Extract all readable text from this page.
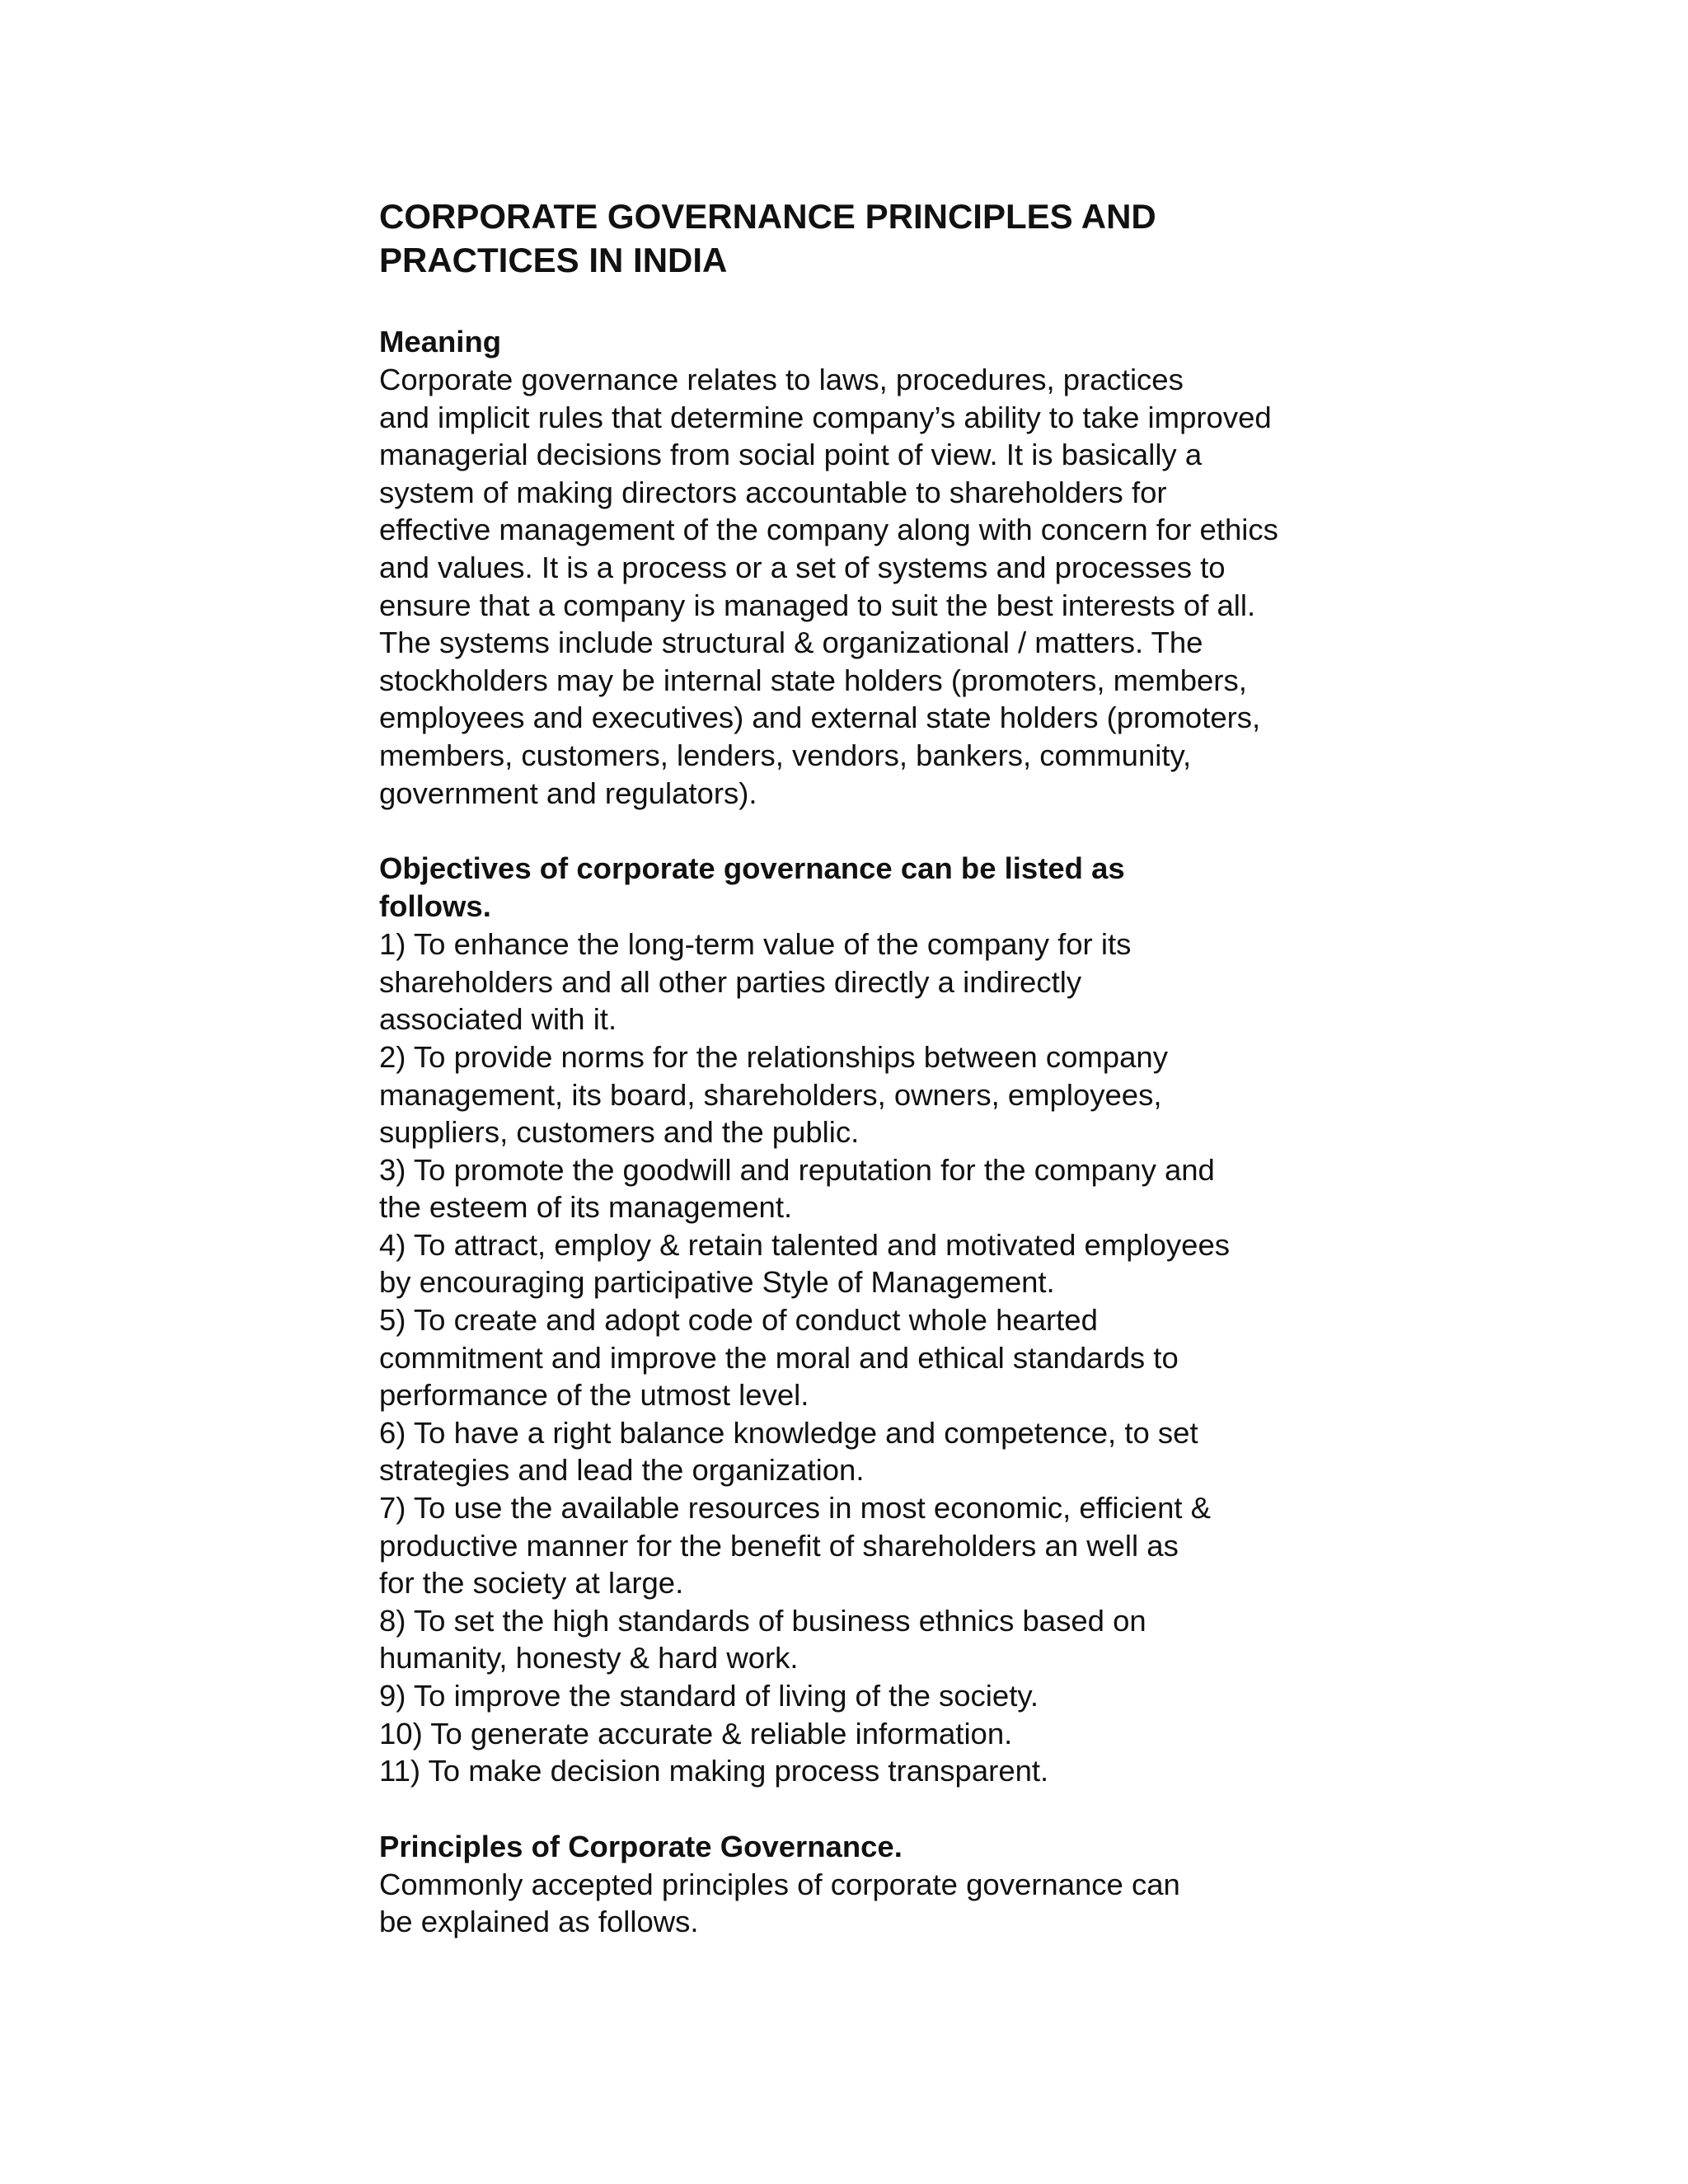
CORPORATE GOVERNANCE PRINCIPLES AND
PRACTICES IN INDIA
Meaning

Corporate governance relates to laws, procedures, practices
and implicit rules that determine company’s ability to take improved
managerial decisions from social point of view. It is basically a
system of making directors accountable to shareholders for
effective management of the company along with concern for ethics
and values. It is a process or a set of systems and processes to
ensure that a company is managed to suit the best interests of all.
The systems include structural & organizational / matters. The
stockholders may be internal state holders (promoters, members,
employees and executives) and external state holders (promoters,
members, customers, lenders, vendors, bankers, community,
government and regulators).

Objectives of corporate governance can be listed as
follows.

1) To enhance the long-term value of the company for its
shareholders and all other parties directly a indirectly
associated with it.
2) To provide norms for the relationships between company
management, its board, shareholders, owners, employees,
suppliers, customers and the public.
3) To promote the goodwill and reputation for the company and
the esteem of its management.
4) To attract, employ & retain talented and motivated employees
by encouraging participative Style of Management.
5) To create and adopt code of conduct whole hearted
commitment and improve the moral and ethical standards to
performance of the utmost level.
6) To have a right balance knowledge and competence, to set
strategies and lead the organization.
7) To use the available resources in most economic, efficient &
productive manner for the benefit of shareholders an well as
for the society at large.
8) To set the high standards of business ethnics based on
humanity, honesty & hard work.
9) To improve the standard of living of the society.
10) To generate accurate & reliable information.
11) To make decision making process transparent.

Principles of Corporate Governance.

Commonly accepted principles of corporate governance can
be explained as follows.
